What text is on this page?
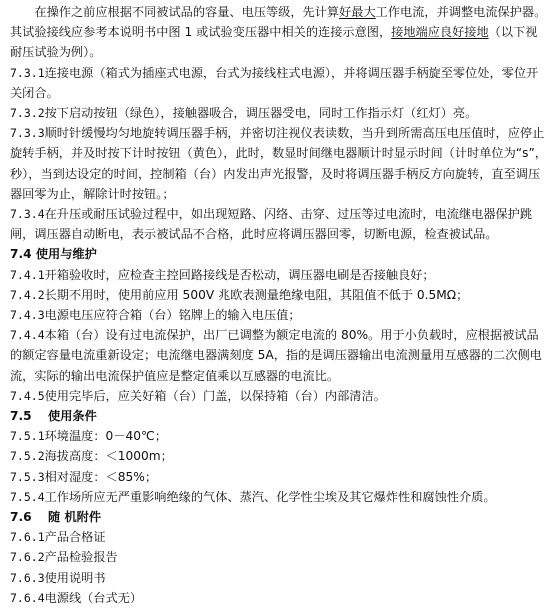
在操作之前应根据不同被试品的容量、电压等级，先计算好最大工作电流，并调整电流保护器。其试验接线应参考本说明书中图 1 或试验变压器中相关的连接示意图，接地端应良好接地（以下视耐压试验为例）。

7.3.1连接电源（箱式为插座式电源，台式为接线柱式电源），并将调压器手柄旋至零位处，零位开关闭合。

7.3.2按下启动按钮（绿色），接触器吸合，调压器受电，同时工作指示灯（红灯）亮。

7.3.3顺时针缓慢均匀地旋转调压器手柄，并密切注视仪表读数，当升到所需高压电压值时，应停止旋转手柄，并及时按下计时按钮（黄色），此时，数显时间继电器顺计时显示时间（计时单位为“s”，秒），当到达设定的时间，控制箱（台）内发出声光报警，及时将调压器手柄反方向旋转，直至调压器回零为止，解除计时按钮。；

7.3.4在升压或耐压试验过程中，如出现短路、闪络、击穿、过压等过电流时，电流继电器保护跳闸，调压器自动断电，表示被试品不合格，此时应将调压器回零，切断电源，检查被试品。

7.4 使用与维护

7.4.1开箱验收时，应检查主控回路接线是否松动，调压器电刷是否接触良好；

7.4.2长期不用时，使用前应用 500V 兆欧表测量绝缘电阻，其阻值不低于 0.5MΩ；

7.4.3电源电压应符合箱（台）铭牌上的输入电压值；

7.4.4本箱（台）设有过电流保护，出厂已调整为额定电流的 80%。用于小负载时，应根据被试品的额定容量电流重新设定；电流继电器满刻度 5A，指的是调压器输出电流测量用互感器的二次侧电流，实际的输出电流保护值应是整定值乘以互感器的电流比。

7.4.5使用完毕后，应关好箱（台）门盖，以保持箱（台）内部清洁。

7.5　 使用条件

7.5.1环境温度：0－40℃；

7.5.2海拔高度：＜1000m；

7.5.3相对湿度：＜85%；

7.5.4工作场所应无严重影响绝缘的气体、蒸汽、化学性尘埃及其它爆炸性和腐蚀性介质。

7.6　 随 机附件

7.6.1产品合格证

7.6.2产品检验报告

7.6.3使用说明书

7.6.4电源线（台式无）
